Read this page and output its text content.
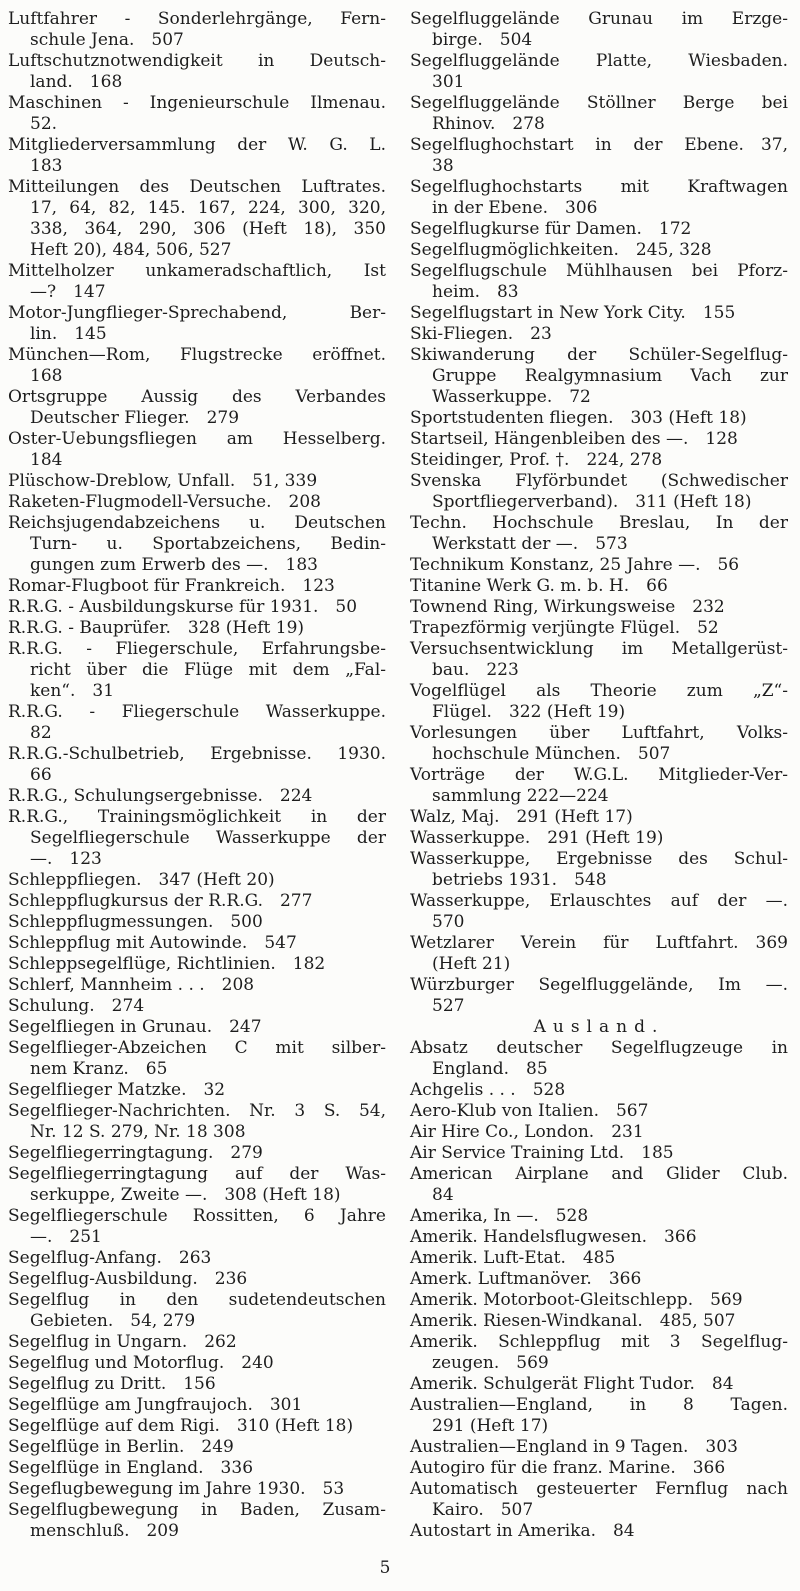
Luftfahrer - Sonderlehrgänge, Fern-
schule Jena. 507

Luftschutznotwendigkeit in Deutsch-
land. 168

Maschinen - Ingenieurschule Ilmenau.
52.

Mitgliederversammlung der W. G. L.
183

Mitteilungen des Deutschen Luftrates.
17, 64, 82, 145. 167, 224, 300, 320,
338, 364, 290, 306 (Heft 18), 350
Heft 20), 484, 506, 527

Mittelholzer unkameradschaftlich, Ist
—? 147

Motor-Jungflieger-Sprechabend, Ber-
lin. 145

München—Rom, Flugstrecke eröffnet.
168

Ortsgruppe Aussig des Verbandes
Deutscher Flieger. 279

Oster-Uebungsfliegen am Hesselberg.
184

Plüschow-Dreblow, Unfall. 51, 339

Raketen-Flugmodell-Versuche. 208

Reichsjugendabzeichens u. Deutschen
Turn- u. Sportabzeichens, Bedin-
gungen zum Erwerb des —. 183

Romar-Flugboot für Frankreich. 123

R.R.G. - Ausbildungskurse für 1931. 50

R.R.G. - Bauprüfer. 328 (Heft 19)

R.R.G. - Fliegerschule, Erfahrungsbe-
richt über die Flüge mit dem „Fal-
ken“. 31

R.R.G. - Fliegerschule Wasserkuppe.
82

R.R.G.-Schulbetrieb, Ergebnisse. 1930.
66

R.R.G., Schulungsergebnisse. 224

R.R.G., Trainingsmöglichkeit in der
Segelfliegerschule Wasserkuppe der
—. 123

Schleppfliegen. 347 (Heft 20)

Schleppflugkursus der R.R.G. 277

Schleppflugmessungen. 500

Schleppflug mit Autowinde. 547

Schleppsegelflüge, Richtlinien. 182

Schlerf, Mannheim . . . 208

Schulung. 274

Segelfliegen in Grunau. 247

Segelflieger-Abzeichen C mit silber-
nem Kranz. 65

Segelflieger Matzke. 32

Segelflieger-Nachrichten. Nr. 3 S. 54,
Nr. 12 S. 279, Nr. 18 308

Segelfliegerringtagung. 279

Segelfliegerringtagung auf der Was-
serkuppe, Zweite —. 308 (Heft 18)

Segelfliegerschule Rossitten, 6 Jahre
—. 251

Segelflug-Anfang. 263

Segelflug-Ausbildung. 236

Segelflug in den sudetendeutschen
Gebieten. 54, 279

Segelflug in Ungarn. 262

Segelflug und Motorflug. 240

Segelflug zu Dritt. 156

Segelflüge am Jungfraujoch. 301

Segelflüge auf dem Rigi. 310 (Heft 18)

Segelflüge in Berlin. 249

Segelflüge in England. 336

Segeflugbewegung im Jahre 1930. 53

Segelflugbewegung in Baden, Zusam-
menschluß. 209

Segelfluggelände Grunau im Erzge-
birge. 504

Segelfluggelände Platte, Wiesbaden.
301

Segelfluggelände Stöllner Berge bei
Rhinov. 278

Segelflughochstart in der Ebene. 37,
38

Segelflughochstarts mit Kraftwagen
in der Ebene. 306

Segelflugkurse für Damen. 172

Segelflugmöglichkeiten. 245, 328

Segelflugschule Mühlhausen bei Pforz-
heim. 83

Segelflugstart in New York City. 155

Ski-Fliegen. 23

Skiwanderung der Schüler-Segelflug-
Gruppe Realgymnasium Vach zur
Wasserkuppe. 72

Sportstudenten fliegen. 303 (Heft 18)

Startseil, Hängenbleiben des —. 128

Steidinger, Prof. †. 224, 278

Svenska Flyförbundet (Schwedischer
Sportfliegerverband). 311 (Heft 18)

Techn. Hochschule Breslau, In der
Werkstatt der —. 573

Technikum Konstanz, 25 Jahre —. 56

Titanine Werk G. m. b. H. 66

Townend Ring, Wirkungsweise 232

Trapezförmig verjüngte Flügel. 52

Versuchsentwicklung im Metallgerüst-
bau. 223

Vogelflügel als Theorie zum „Z“-
Flügel. 322 (Heft 19)

Vorlesungen über Luftfahrt, Volks-
hochschule München. 507

Vorträge der W.G.L. Mitglieder-Ver-
sammlung 222—224

Walz, Maj. 291 (Heft 17)

Wasserkuppe. 291 (Heft 19)

Wasserkuppe, Ergebnisse des Schul-
betriebs 1931. 548

Wasserkuppe, Erlauschtes auf der —.
570

Wetzlarer Verein für Luftfahrt. 369
(Heft 21)

Würzburger Segelfluggelände, Im —.
527

Ausland.

Absatz deutscher Segelflugzeuge in
England. 85

Achgelis . . . 528

Aero-Klub von Italien. 567

Air Hire Co., London. 231

Air Service Training Ltd. 185

American Airplane and Glider Club.
84

Amerika, In —. 528

Amerik. Handelsflugwesen. 366

Amerik. Luft-Etat. 485

Amerk. Luftmanöver. 366

Amerik. Motorboot-Gleitschlepp. 569

Amerik. Riesen-Windkanal. 485, 507

Amerik. Schleppflug mit 3 Segelflug-
zeugen. 569

Amerik. Schulgerät Flight Tudor. 84

Australien—England, in 8 Tagen.
291 (Heft 17)

Australien—England in 9 Tagen. 303

Autogiro für die franz. Marine. 366

Automatisch gesteuerter Fernflug nach
Kairo. 507

Autostart in Amerika. 84

5
